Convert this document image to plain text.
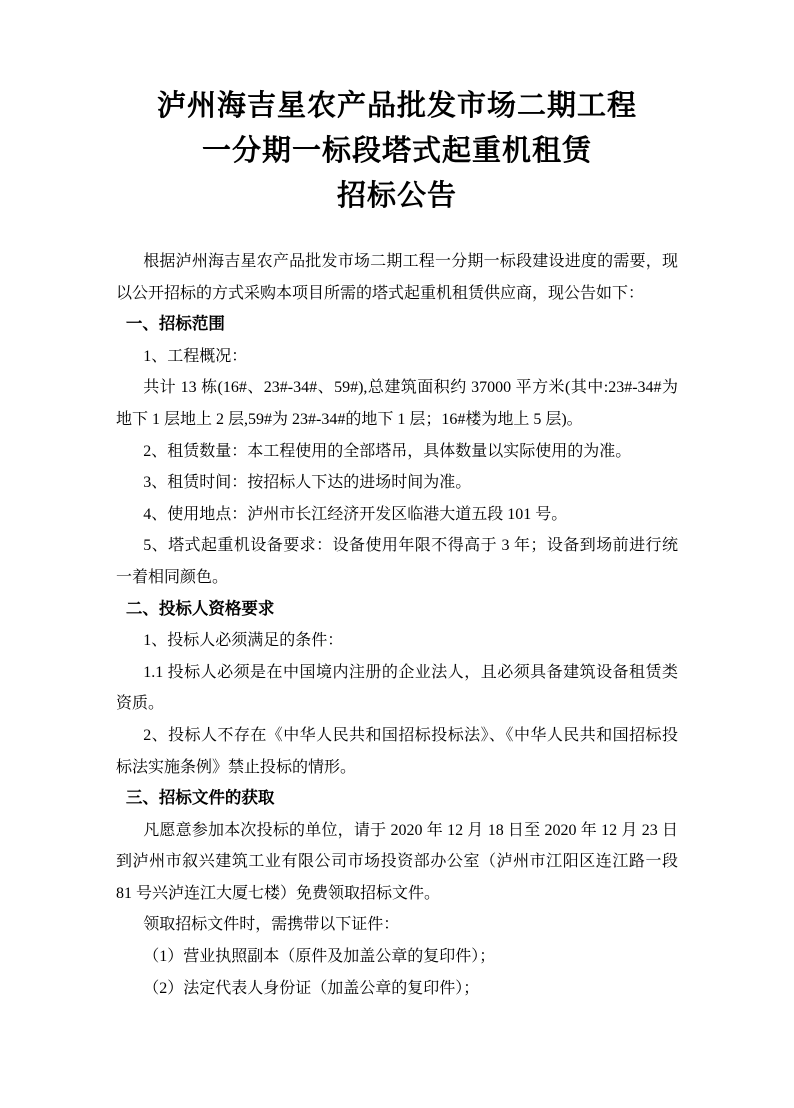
泸州海吉星农产品批发市场二期工程
一分期一标段塔式起重机租赁
招标公告

根据泸州海吉星农产品批发市场二期工程一分期一标段建设进度的需要，现以公开招标的方式采购本项目所需的塔式起重机租赁供应商，现公告如下：

一、招标范围

1、工程概况：

共计 13 栋(16#、23#-34#、59#),总建筑面积约 37000 平方米(其中:23#-34#为地下 1 层地上 2 层,59#为 23#-34#的地下 1 层；16#楼为地上 5 层)。

2、租赁数量：本工程使用的全部塔吊，具体数量以实际使用的为准。

3、租赁时间：按招标人下达的进场时间为准。

4、使用地点：泸州市长江经济开发区临港大道五段 101 号。

5、塔式起重机设备要求：设备使用年限不得高于 3 年；设备到场前进行统一着相同颜色。

二、投标人资格要求

1、投标人必须满足的条件：

1.1 投标人必须是在中国境内注册的企业法人，且必须具备建筑设备租赁类资质。

2、投标人不存在《中华人民共和国招标投标法》、《中华人民共和国招标投标法实施条例》禁止投标的情形。

三、招标文件的获取

凡愿意参加本次投标的单位，请于 2020 年 12 月 18 日至 2020 年 12 月 23 日到泸州市叙兴建筑工业有限公司市场投资部办公室（泸州市江阳区连江路一段 81 号兴泸连江大厦七楼）免费领取招标文件。

领取招标文件时，需携带以下证件：

（1）营业执照副本（原件及加盖公章的复印件）；

（2）法定代表人身份证（加盖公章的复印件）；
